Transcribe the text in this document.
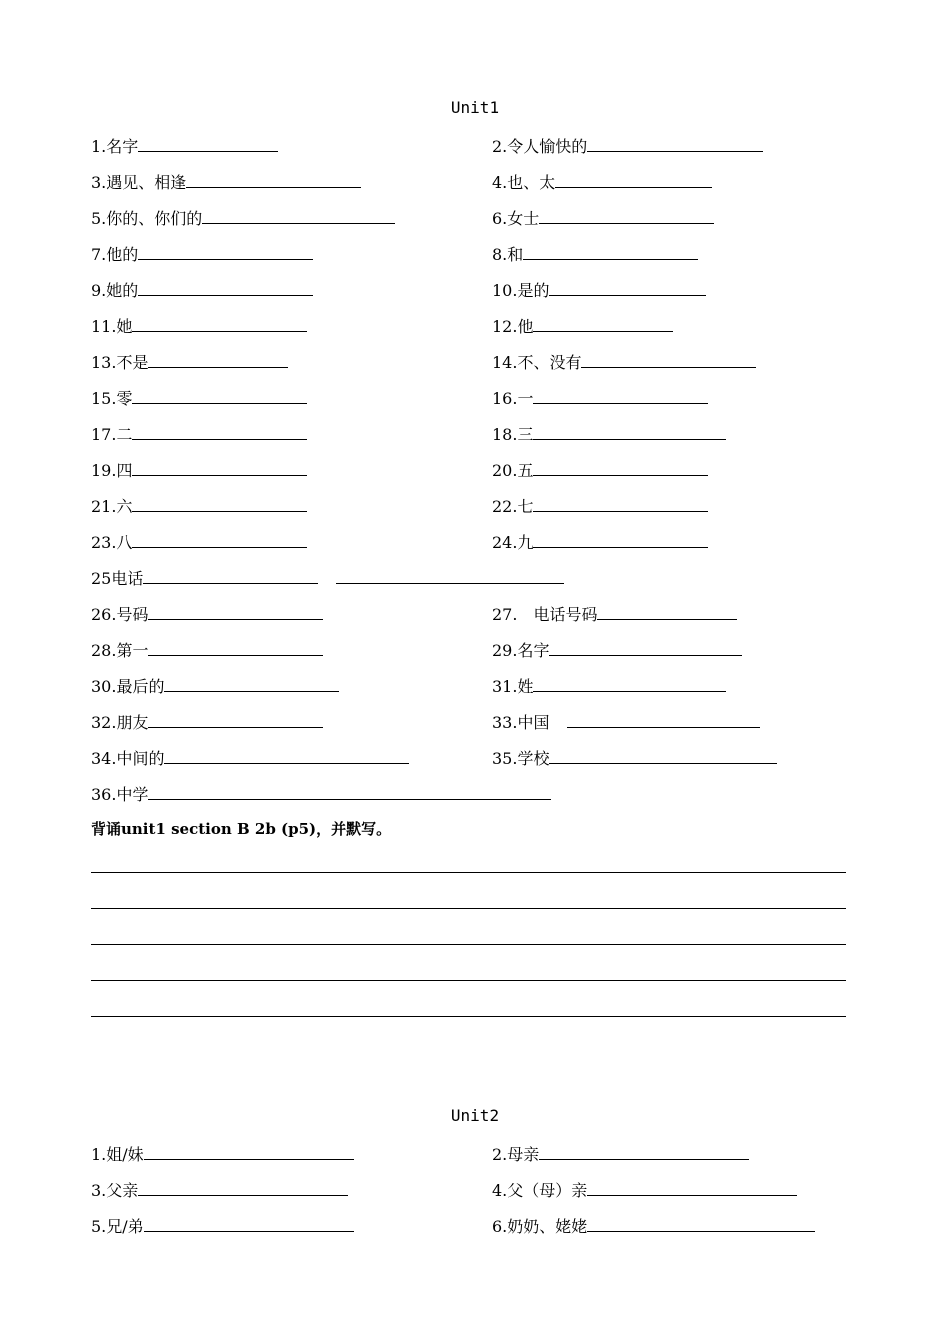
Unit1
1.名字	2.令人愉快的
3.遇见、相逢	4.也、太
5.你的、你们的	6.女士
7.他的	8.和
9.她的	10.是的
11.她	12.他
13.不是	14.不、没有
15.零	16.一
17.二	18.三
19.四	20.五
21.六	22.七
23.八	24.九
25电话
26.号码	27.　电话号码
28.第一	29.名字
30.最后的	31.姓
32.朋友	33.中国
34.中间的	35.学校
36.中学
背诵unit1 section B 2b (p5)，并默写。
Unit2
1.姐/妹	2.母亲
3.父亲	4.父（母）亲
5.兄/弟	6.奶奶、姥姥
